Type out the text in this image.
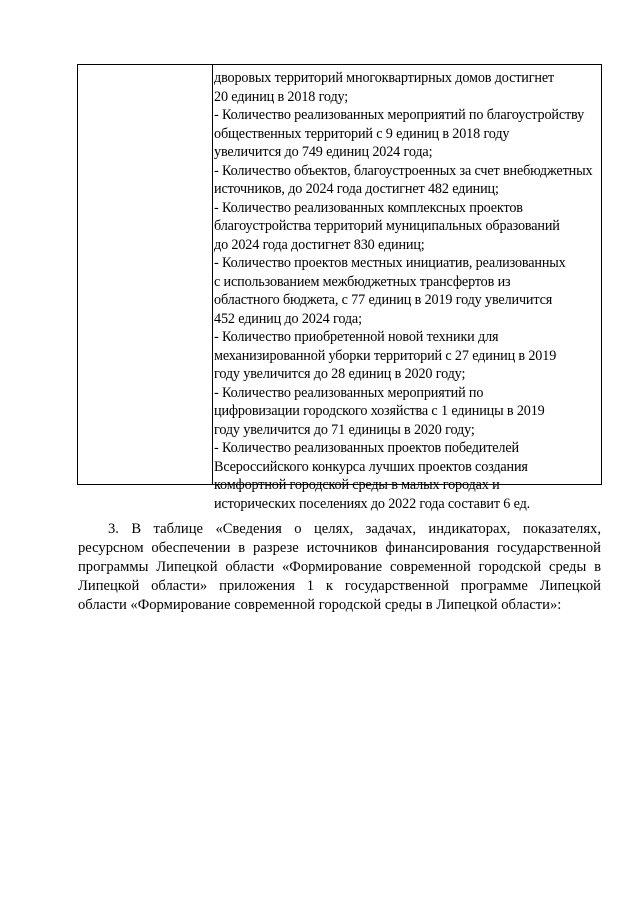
дворовых территорий многоквартирных домов достигнет
20 единиц в 2018 году;
- Количество реализованных мероприятий по благоустройству
общественных территорий с 9 единиц в 2018 году
увеличится до 749 единиц 2024 года;
- Количество объектов, благоустроенных за счет внебюджетных
источников, до 2024 года достигнет 482 единиц;
- Количество реализованных комплексных проектов
благоустройства территорий муниципальных образований
до 2024 года достигнет 830 единиц;
- Количество проектов местных инициатив, реализованных
с использованием межбюджетных трансфертов из
областного бюджета, с 77 единиц в 2019 году увеличится
452 единиц до 2024 года;
- Количество приобретенной новой техники для
механизированной уборки территорий с 27 единиц в 2019
году увеличится до 28 единиц в 2020 году;
- Количество реализованных мероприятий по
цифровизации городского хозяйства с 1 единицы в 2019
году увеличится до 71 единицы в 2020 году;
- Количество реализованных проектов победителей
Всероссийского конкурса лучших проектов создания
комфортной городской среды в малых городах и
исторических поселениях до 2022 года составит 6 ед.
3. В таблице «Сведения о целях, задачах, индикаторах, показателях,
ресурсном обеспечении в разрезе источников финансирования государственной
программы Липецкой области «Формирование современной городской среды в
Липецкой области» приложения 1 к государственной программе Липецкой
области «Формирование современной городской среды в Липецкой области»:
